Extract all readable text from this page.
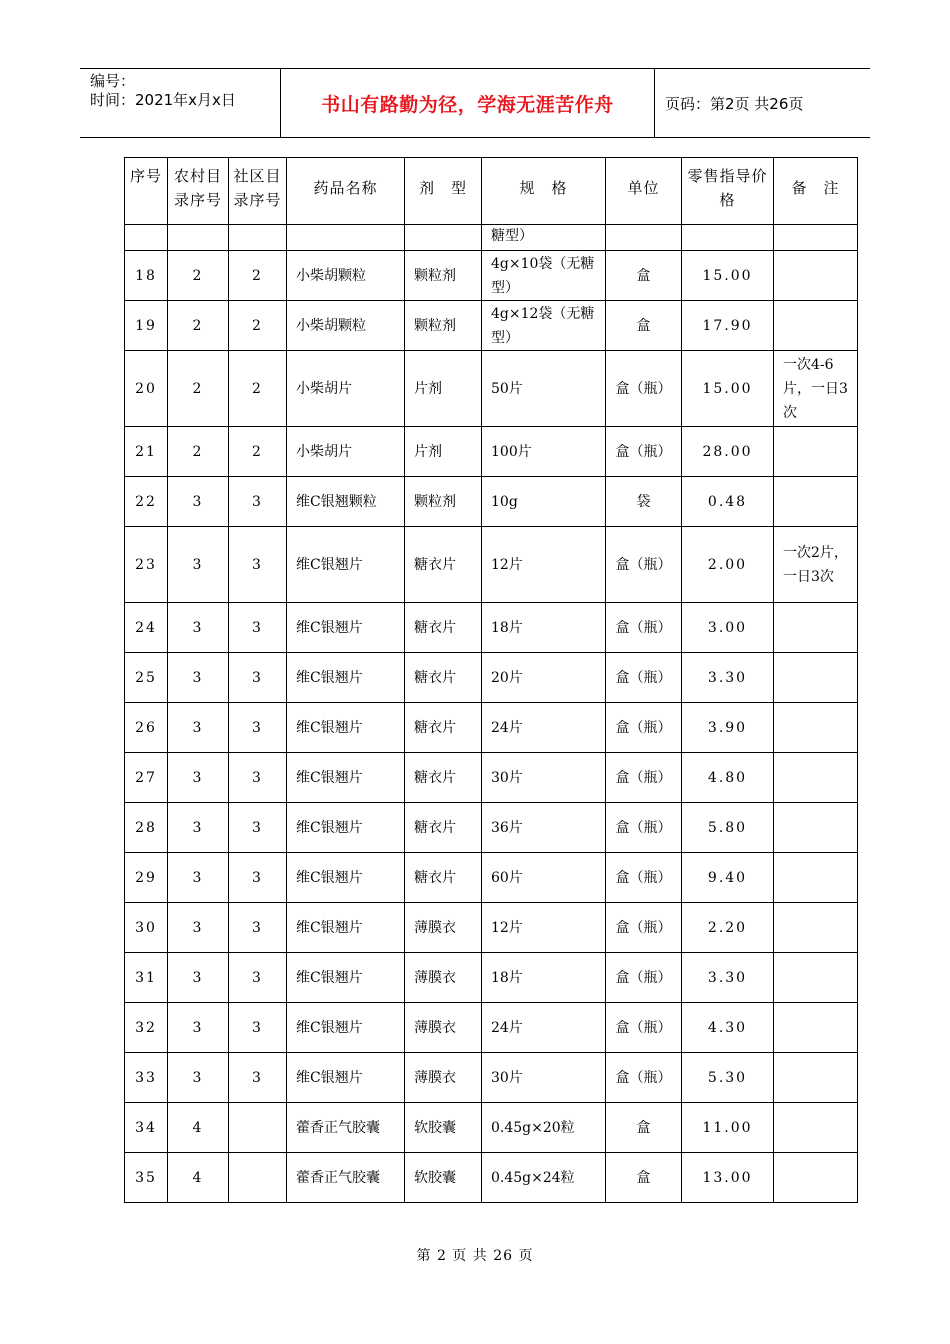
编号：
时间：2021年x月x日	书山有路勤为径，学海无涯苦作舟	页码：第2页 共26页
序号	农村目录序号	社区目录序号	药品名称	剂　型	规　格	单位	零售指导价格	备　注

					糖型）			
18	2	2	小柴胡颗粒	颗粒剂	4g×10袋（无糖型）	盒	15.00	
19	2	2	小柴胡颗粒	颗粒剂	4g×12袋（无糖型）	盒	17.90	
20	2	2	小柴胡片	片剂	50片	盒（瓶）	15.00	一次4-6片，一日3次
21	2	2	小柴胡片	片剂	100片	盒（瓶）	28.00	
22	3	3	维C银翘颗粒	颗粒剂	10g	袋	0.48	
23	3	3	维C银翘片	糖衣片	12片	盒（瓶）	2.00	一次2片，一日3次
24	3	3	维C银翘片	糖衣片	18片	盒（瓶）	3.00	
25	3	3	维C银翘片	糖衣片	20片	盒（瓶）	3.30	
26	3	3	维C银翘片	糖衣片	24片	盒（瓶）	3.90	
27	3	3	维C银翘片	糖衣片	30片	盒（瓶）	4.80	
28	3	3	维C银翘片	糖衣片	36片	盒（瓶）	5.80	
29	3	3	维C银翘片	糖衣片	60片	盒（瓶）	9.40	
30	3	3	维C银翘片	薄膜衣	12片	盒（瓶）	2.20	
31	3	3	维C银翘片	薄膜衣	18片	盒（瓶）	3.30	
32	3	3	维C银翘片	薄膜衣	24片	盒（瓶）	4.30	
33	3	3	维C银翘片	薄膜衣	30片	盒（瓶）	5.30	
34	4		藿香正气胶囊	软胶囊	0.45g×20粒	盒	11.00	
35	4		藿香正气胶囊	软胶囊	0.45g×24粒	盒	13.00	
第 2 页 共 26 页
